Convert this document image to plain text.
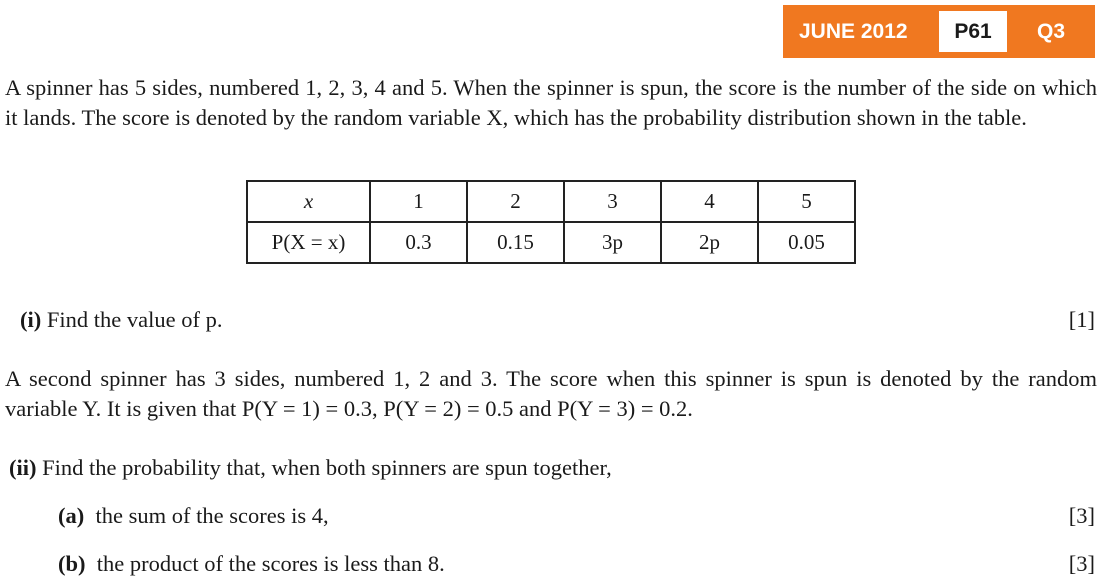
JUNE 2012	P61	Q3
A spinner has 5 sides, numbered 1, 2, 3, 4 and 5. When the spinner is spun, the score is the number of the side on which it lands. The score is denoted by the random variable X, which has the probability distribution shown in the table.
x	1	2	3	4	5
P(X = x)	0.3	0.15	3p	2p	0.05
(i) Find the value of p.	[1]
A second spinner has 3 sides, numbered 1, 2 and 3. The score when this spinner is spun is denoted by the random variable Y. It is given that P(Y = 1) = 0.3, P(Y = 2) = 0.5 and P(Y = 3) = 0.2.
(ii) Find the probability that, when both spinners are spun together,
(a) the sum of the scores is 4,	[3]
(b) the product of the scores is less than 8.	[3]
